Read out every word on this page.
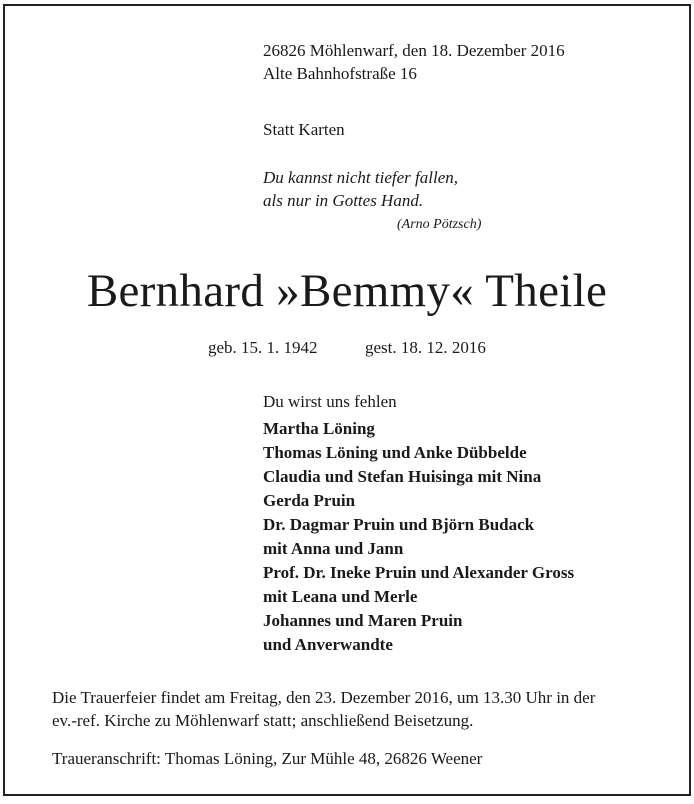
26826 Möhlenwarf, den 18. Dezember 2016
Alte Bahnhofstraße 16
Statt Karten
Du kannst nicht tiefer fallen,
als nur in Gottes Hand.
(Arno Pötzsch)
Bernhard »Bemmy« Theile
geb. 15. 1. 1942	gest. 18. 12. 2016
Du wirst uns fehlen
Martha Löning
Thomas Löning und Anke Dübbelde
Claudia und Stefan Huisinga mit Nina
Gerda Pruin
Dr. Dagmar Pruin und Björn Budack
mit Anna und Jann
Prof. Dr. Ineke Pruin und Alexander Gross
mit Leana und Merle
Johannes und Maren Pruin
und Anverwandte
Die Trauerfeier findet am Freitag, den 23. Dezember 2016, um 13.30 Uhr in der
ev.-ref. Kirche zu Möhlenwarf statt; anschließend Beisetzung.
Traueranschrift: Thomas Löning, Zur Mühle 48, 26826 Weener
